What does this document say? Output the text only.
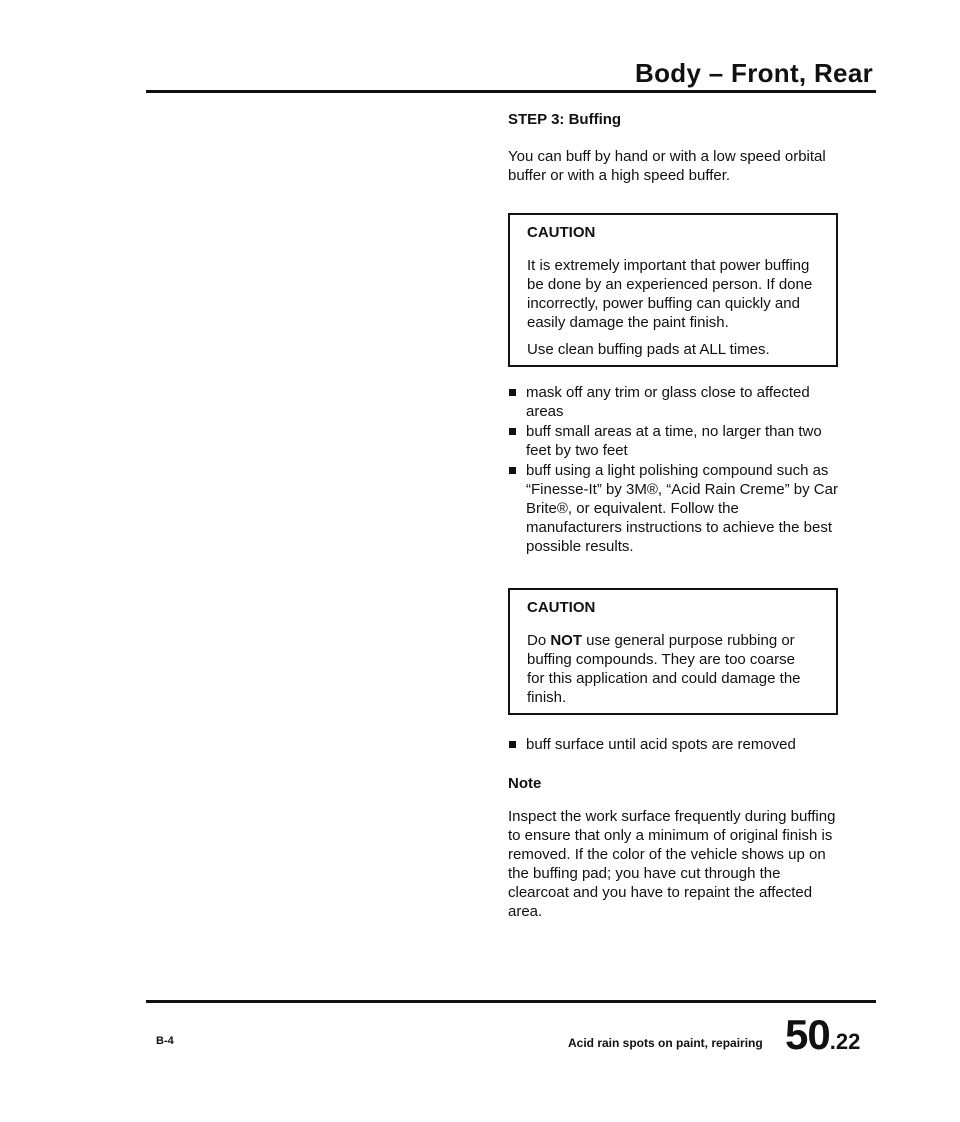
Body – Front, Rear
STEP 3: Buffing

You can buff by hand or with a low speed orbital buffer or with a high speed buffer.

CAUTION

It is extremely important that power buffing be done by an experienced person. If done incorrectly, power buffing can quickly and easily damage the paint finish.

Use clean buffing pads at ALL times.

mask off any trim or glass close to affected areas
buff small areas at a time, no larger than two feet by two feet
buff using a light polishing compound such as “Finesse-It” by 3M®, “Acid Rain Creme” by Car Brite®, or equivalent. Follow the manufacturers instructions to achieve the best possible results.
CAUTION

Do NOT use general purpose rubbing or buffing compounds. They are too coarse for this application and could damage the finish.

buff surface until acid spots are removed
Note

Inspect the work surface frequently during buffing to ensure that only a minimum of original finish is removed. If the color of the vehicle shows up on the buffing pad; you have cut through the clearcoat and you have to repaint the affected area.

B-4	Acid rain spots on paint, repairing 50.22
